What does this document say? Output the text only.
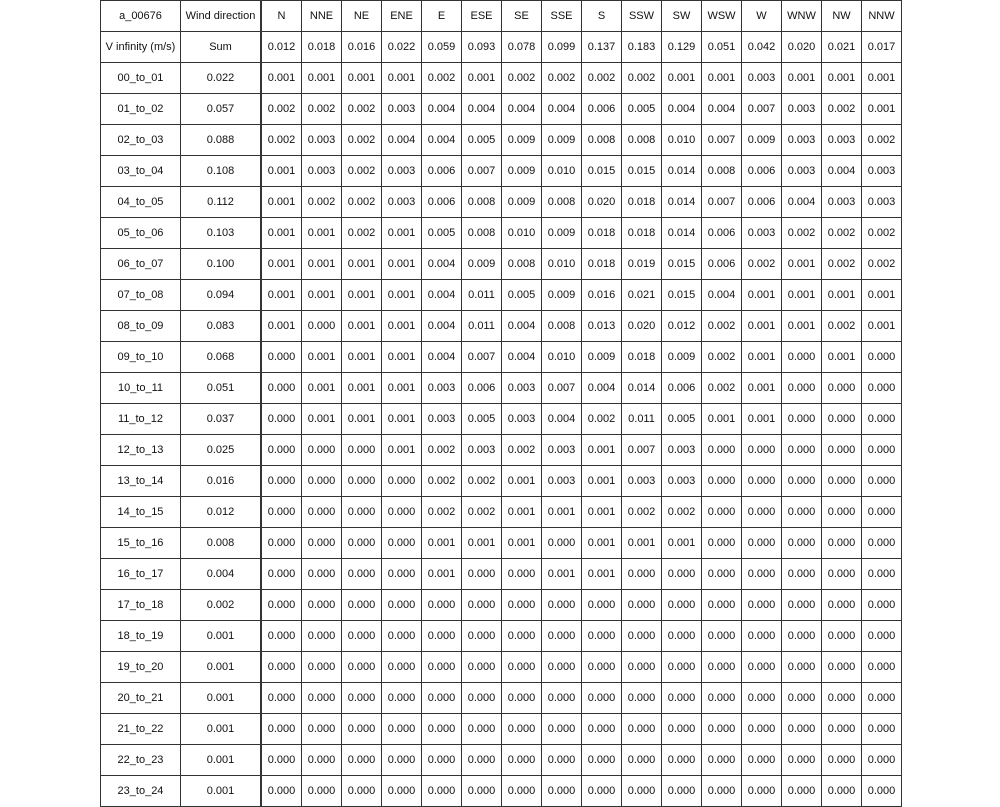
a_00676	Wind direction	N	NNE	NE	ENE	E	ESE	SE	SSE	S	SSW	SW	WSW	W	WNW	NW	NNW
V infinity (m/s)	Sum	0.012	0.018	0.016	0.022	0.059	0.093	0.078	0.099	0.137	0.183	0.129	0.051	0.042	0.020	0.021	0.017
00_to_01	0.022	0.001	0.001	0.001	0.001	0.002	0.001	0.002	0.002	0.002	0.002	0.001	0.001	0.003	0.001	0.001	0.001
01_to_02	0.057	0.002	0.002	0.002	0.003	0.004	0.004	0.004	0.004	0.006	0.005	0.004	0.004	0.007	0.003	0.002	0.001
02_to_03	0.088	0.002	0.003	0.002	0.004	0.004	0.005	0.009	0.009	0.008	0.008	0.010	0.007	0.009	0.003	0.003	0.002
03_to_04	0.108	0.001	0.003	0.002	0.003	0.006	0.007	0.009	0.010	0.015	0.015	0.014	0.008	0.006	0.003	0.004	0.003
04_to_05	0.112	0.001	0.002	0.002	0.003	0.006	0.008	0.009	0.008	0.020	0.018	0.014	0.007	0.006	0.004	0.003	0.003
05_to_06	0.103	0.001	0.001	0.002	0.001	0.005	0.008	0.010	0.009	0.018	0.018	0.014	0.006	0.003	0.002	0.002	0.002
06_to_07	0.100	0.001	0.001	0.001	0.001	0.004	0.009	0.008	0.010	0.018	0.019	0.015	0.006	0.002	0.001	0.002	0.002
07_to_08	0.094	0.001	0.001	0.001	0.001	0.004	0.011	0.005	0.009	0.016	0.021	0.015	0.004	0.001	0.001	0.001	0.001
08_to_09	0.083	0.001	0.000	0.001	0.001	0.004	0.011	0.004	0.008	0.013	0.020	0.012	0.002	0.001	0.001	0.002	0.001
09_to_10	0.068	0.000	0.001	0.001	0.001	0.004	0.007	0.004	0.010	0.009	0.018	0.009	0.002	0.001	0.000	0.001	0.000
10_to_11	0.051	0.000	0.001	0.001	0.001	0.003	0.006	0.003	0.007	0.004	0.014	0.006	0.002	0.001	0.000	0.000	0.000
11_to_12	0.037	0.000	0.001	0.001	0.001	0.003	0.005	0.003	0.004	0.002	0.011	0.005	0.001	0.001	0.000	0.000	0.000
12_to_13	0.025	0.000	0.000	0.000	0.001	0.002	0.003	0.002	0.003	0.001	0.007	0.003	0.000	0.000	0.000	0.000	0.000
13_to_14	0.016	0.000	0.000	0.000	0.000	0.002	0.002	0.001	0.003	0.001	0.003	0.003	0.000	0.000	0.000	0.000	0.000
14_to_15	0.012	0.000	0.000	0.000	0.000	0.002	0.002	0.001	0.001	0.001	0.002	0.002	0.000	0.000	0.000	0.000	0.000
15_to_16	0.008	0.000	0.000	0.000	0.000	0.001	0.001	0.001	0.000	0.001	0.001	0.001	0.000	0.000	0.000	0.000	0.000
16_to_17	0.004	0.000	0.000	0.000	0.000	0.001	0.000	0.000	0.001	0.001	0.000	0.000	0.000	0.000	0.000	0.000	0.000
17_to_18	0.002	0.000	0.000	0.000	0.000	0.000	0.000	0.000	0.000	0.000	0.000	0.000	0.000	0.000	0.000	0.000	0.000
18_to_19	0.001	0.000	0.000	0.000	0.000	0.000	0.000	0.000	0.000	0.000	0.000	0.000	0.000	0.000	0.000	0.000	0.000
19_to_20	0.001	0.000	0.000	0.000	0.000	0.000	0.000	0.000	0.000	0.000	0.000	0.000	0.000	0.000	0.000	0.000	0.000
20_to_21	0.001	0.000	0.000	0.000	0.000	0.000	0.000	0.000	0.000	0.000	0.000	0.000	0.000	0.000	0.000	0.000	0.000
21_to_22	0.001	0.000	0.000	0.000	0.000	0.000	0.000	0.000	0.000	0.000	0.000	0.000	0.000	0.000	0.000	0.000	0.000
22_to_23	0.001	0.000	0.000	0.000	0.000	0.000	0.000	0.000	0.000	0.000	0.000	0.000	0.000	0.000	0.000	0.000	0.000
23_to_24	0.001	0.000	0.000	0.000	0.000	0.000	0.000	0.000	0.000	0.000	0.000	0.000	0.000	0.000	0.000	0.000	0.000
